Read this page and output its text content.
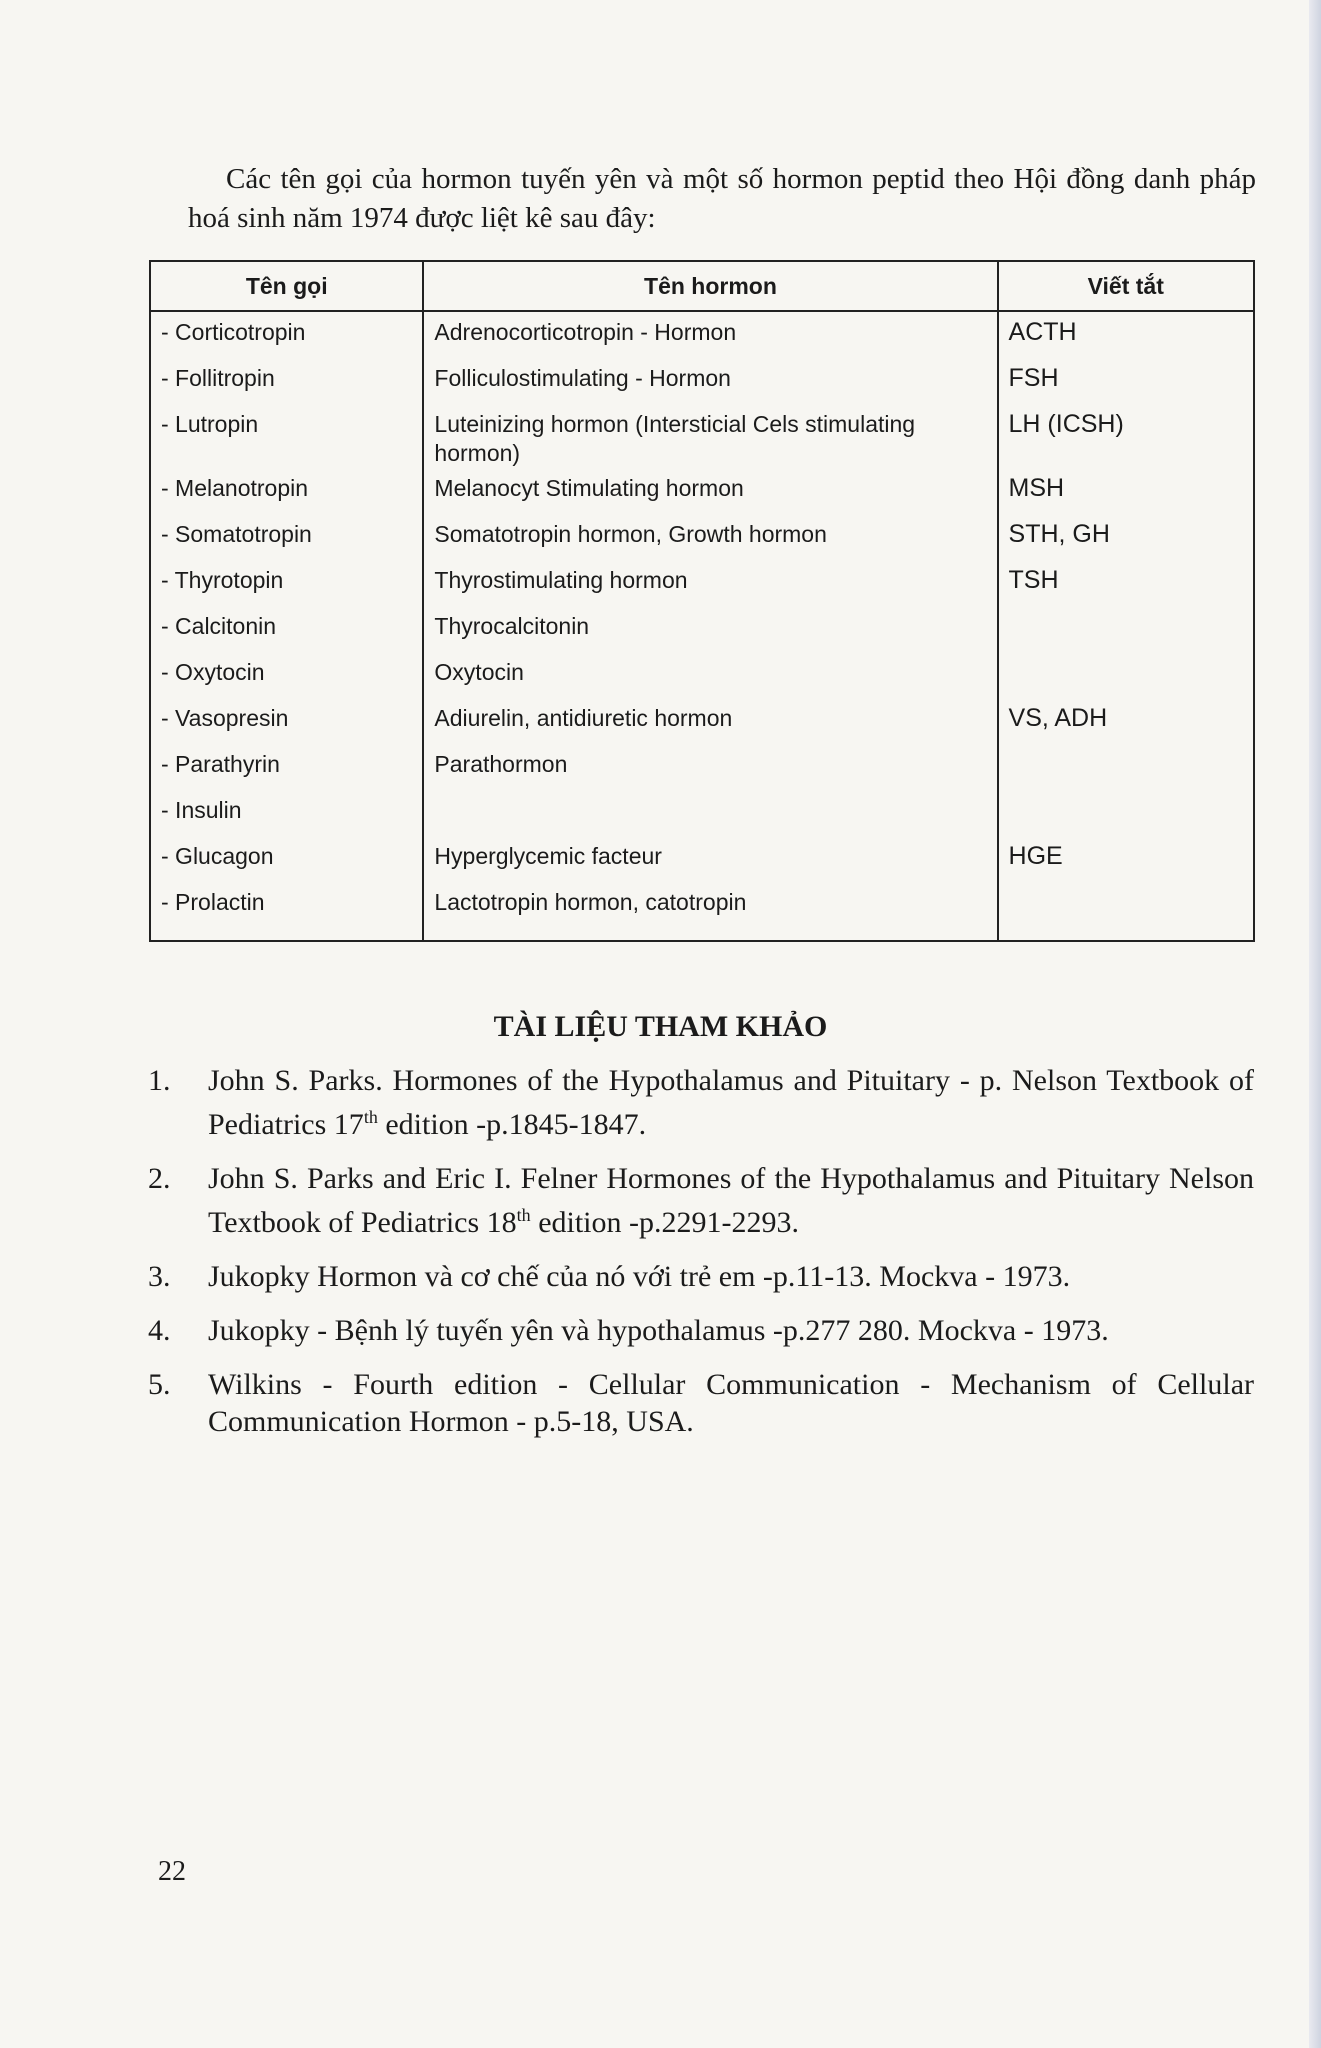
Các tên gọi của hormon tuyến yên và một số hormon peptid theo Hội đồng danh pháp hoá sinh năm 1974 được liệt kê sau đây:

Tên gọi	Tên hormon	Viết tắt
- Corticotropin	Adrenocorticotropin - Hormon	ACTH
- Follitropin	Folliculostimulating - Hormon	FSH
- Lutropin	Luteinizing hormon (Intersticial Cels stimulating hormon)	LH (ICSH)
- Melanotropin	Melanocyt Stimulating hormon	MSH
- Somatotropin	Somatotropin hormon, Growth hormon	STH, GH
- Thyrotopin	Thyrostimulating hormon	TSH
- Calcitonin	Thyrocalcitonin	
- Oxytocin	Oxytocin	
- Vasopresin	Adiurelin, antidiuretic hormon	VS, ADH
- Parathyrin	Parathormon	
- Insulin		
- Glucagon	Hyperglycemic facteur	HGE
- Prolactin	Lactotropin hormon, catotropin	
TÀI LIỆU THAM KHẢO
1. John S. Parks. Hormones of the Hypothalamus and Pituitary - p. Nelson Textbook of Pediatrics 17th edition -p.1845-1847.
2. John S. Parks and Eric I. Felner Hormones of the Hypothalamus and Pituitary Nelson Textbook of Pediatrics 18th edition -p.2291-2293.
3. Jukopky Hormon và cơ chế của nó với trẻ em -p.11-13. Mockva - 1973.
4. Jukopky - Bệnh lý tuyến yên và hypothalamus -p.277 280. Mockva - 1973.
5. Wilkins - Fourth edition - Cellular Communication - Mechanism of Cellular Communication Hormon - p.5-18, USA.
22
